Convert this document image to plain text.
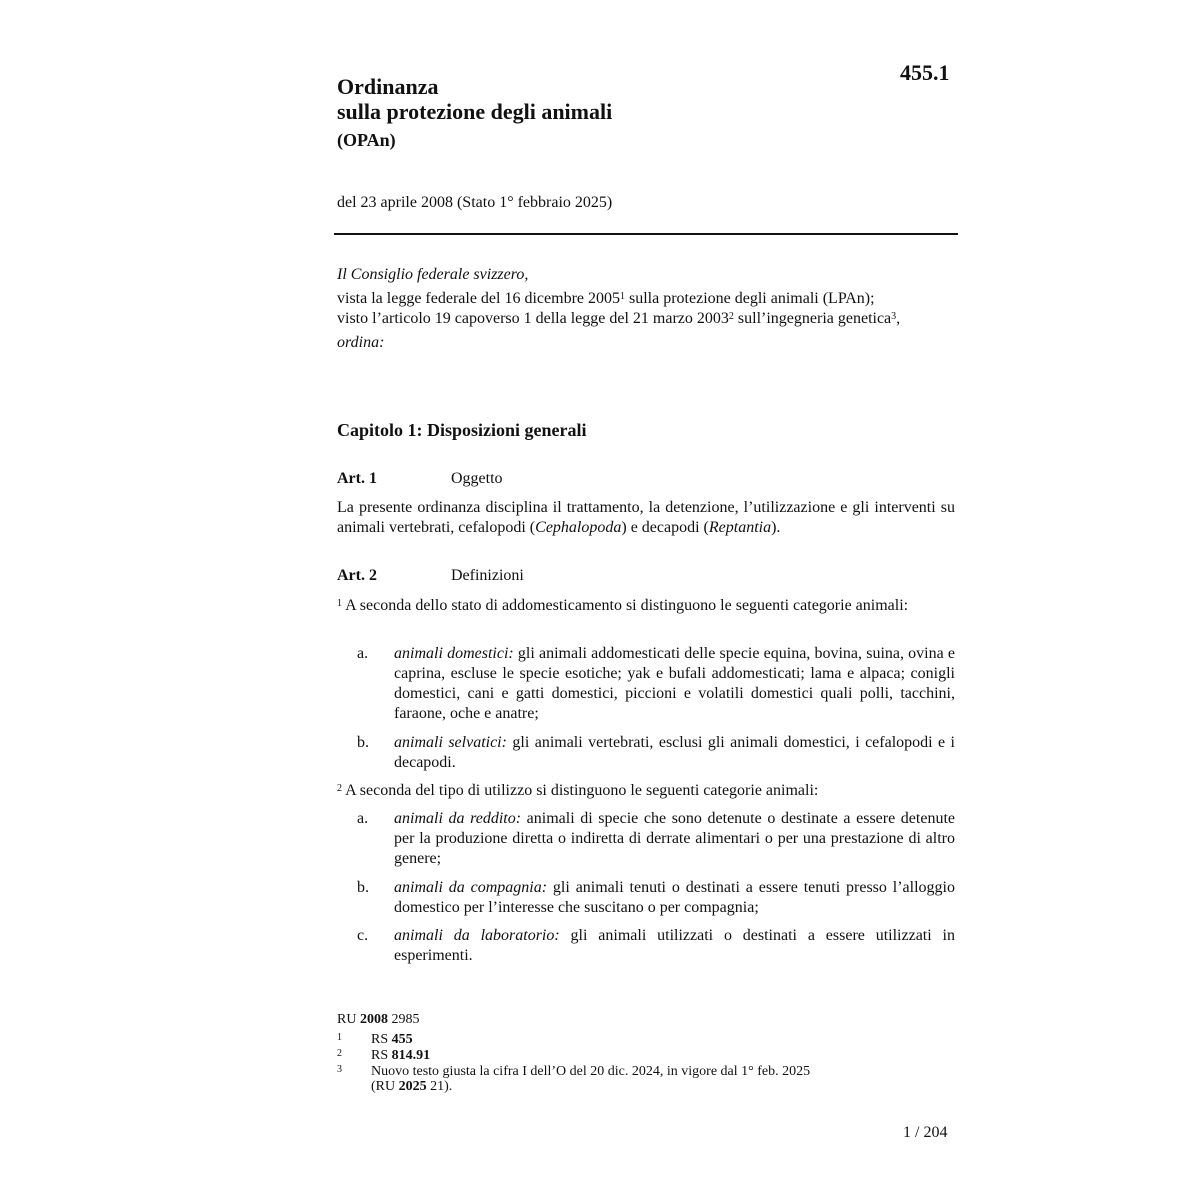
455.1
Ordinanza
sulla protezione degli animali
(OPAn)
del 23 aprile 2008 (Stato 1° febbraio 2025)
Il Consiglio federale svizzero,
vista la legge federale del 16 dicembre 2005$^1$ sulla protezione degli animali (LPAn);
visto l’articolo 19 capoverso 1 della legge del 21 marzo 2003$^2$ sull’ingegneria genetica$^3$,
ordina:
Capitolo 1: Disposizioni generali
Art. 1	Oggetto
La presente ordinanza disciplina il trattamento, la detenzione, l’utilizzazione e gli interventi su animali vertebrati, cefalopodi (Cephalopoda) e decapodi (Reptantia).
Art. 2	Definizioni
$^1$ A seconda dello stato di addomesticamento si distinguono le seguenti categorie animali:
a. animali domestici: gli animali addomesticati delle specie equina, bovina, suina, ovina e caprina, escluse le specie esotiche; yak e bufali addomesticati; lama e alpaca; conigli domestici, cani e gatti domestici, piccioni e volatili domestici quali polli, tacchini, faraone, oche e anatre;
b. animali selvatici: gli animali vertebrati, esclusi gli animali domestici, i cefalopodi e i decapodi.
$^2$ A seconda del tipo di utilizzo si distinguono le seguenti categorie animali:
a. animali da reddito: animali di specie che sono detenute o destinate a essere detenute per la produzione diretta o indiretta di derrate alimentari o per una prestazione di altro genere;
b. animali da compagnia: gli animali tenuti o destinati a essere tenuti presso l’alloggio domestico per l’interesse che suscitano o per compagnia;
c. animali da laboratorio: gli animali utilizzati o destinati a essere utilizzati in esperimenti.
RU 2008 2985
1 RS 455
2 RS 814.91
3 Nuovo testo giusta la cifra I dell’O del 20 dic. 2024, in vigore dal 1° feb. 2025
(RU 2025 21).
1 / 204
